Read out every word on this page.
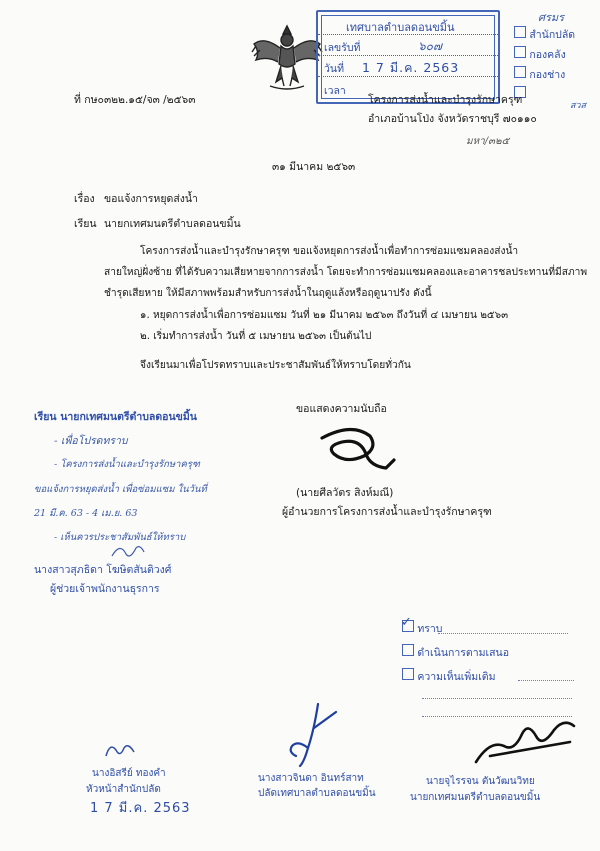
เทศบาลตำบลดอนขมิ้น
เลขรับที่	๖๐๗
วันที่ 1 7 มี.ค. 2563
เวลา
ศรมร
สำนักปลัด
กองคลัง
กองช่าง
สวส
ที่ กษ๐๓๒๒.๑๕/จ๓ /๒๕๖๓	โครงการส่งน้ำและบำรุงรักษาครุฑ
อำเภอบ้านโป่ง จังหวัดราชบุรี ๗๐๑๑๐
มหา/๓๒๕
๓๑ มีนาคม ๒๕๖๓
เรื่อง ขอแจ้งการหยุดส่งน้ำ
เรียน นายกเทศมนตรีตำบลดอนขมิ้น
โครงการส่งน้ำและบำรุงรักษาครุฑ ขอแจ้งหยุดการส่งน้ำเพื่อทำการซ่อมแซมคลองส่งน้ำ
สายใหญ่ฝั่งซ้าย ที่ได้รับความเสียหายจากการส่งน้ำ โดยจะทำการซ่อมแซมคลองและอาคารชลประทานที่มีสภาพ
ชำรุดเสียหาย ให้มีสภาพพร้อมสำหรับการส่งน้ำในฤดูแล้งหรือฤดูนาปรัง ดังนี้
๑. หยุดการส่งน้ำเพื่อการซ่อมแซม วันที่ ๒๑ มีนาคม ๒๕๖๓ ถึงวันที่ ๔ เมษายน ๒๕๖๓
๒. เริ่มทำการส่งน้ำ วันที่ ๕ เมษายน ๒๕๖๓ เป็นต้นไป
จึงเรียนมาเพื่อโปรดทราบและประชาสัมพันธ์ให้ทราบโดยทั่วกัน
ขอแสดงความนับถือ
(นายศีลวัตร สิงห์มณี)
ผู้อำนวยการโครงการส่งน้ำและบำรุงรักษาครุฑ
เรียน นายกเทศมนตรีตำบลดอนขมิ้น
- เพื่อโปรดทราบ
- โครงการส่งน้ำและบำรุงรักษาครุฑ
ขอแจ้งการหยุดส่งน้ำ เพื่อซ่อมแซม ในวันที่
21 มี.ค. 63 - 4 เม.ย. 63
- เห็นควรประชาสัมพันธ์ให้ทราบ
นางสาวสุภธิดา โฆษิตสันติวงศ์
ผู้ช่วยเจ้าพนักงานธุรการ
✓ ทราบ
ดำเนินการตามเสนอ
ความเห็นเพิ่มเติม
นางอิสรีย์ ทองคำ
หัวหน้าสำนักปลัด
1 7 มี.ค. 2563
นางสาวจินดา อินทร์สาท
ปลัดเทศบาลตำบลดอนขมิ้น
นายจุไรรจน ตันวัฒนวิทย
นายกเทศมนตรีตำบลดอนขมิ้น
